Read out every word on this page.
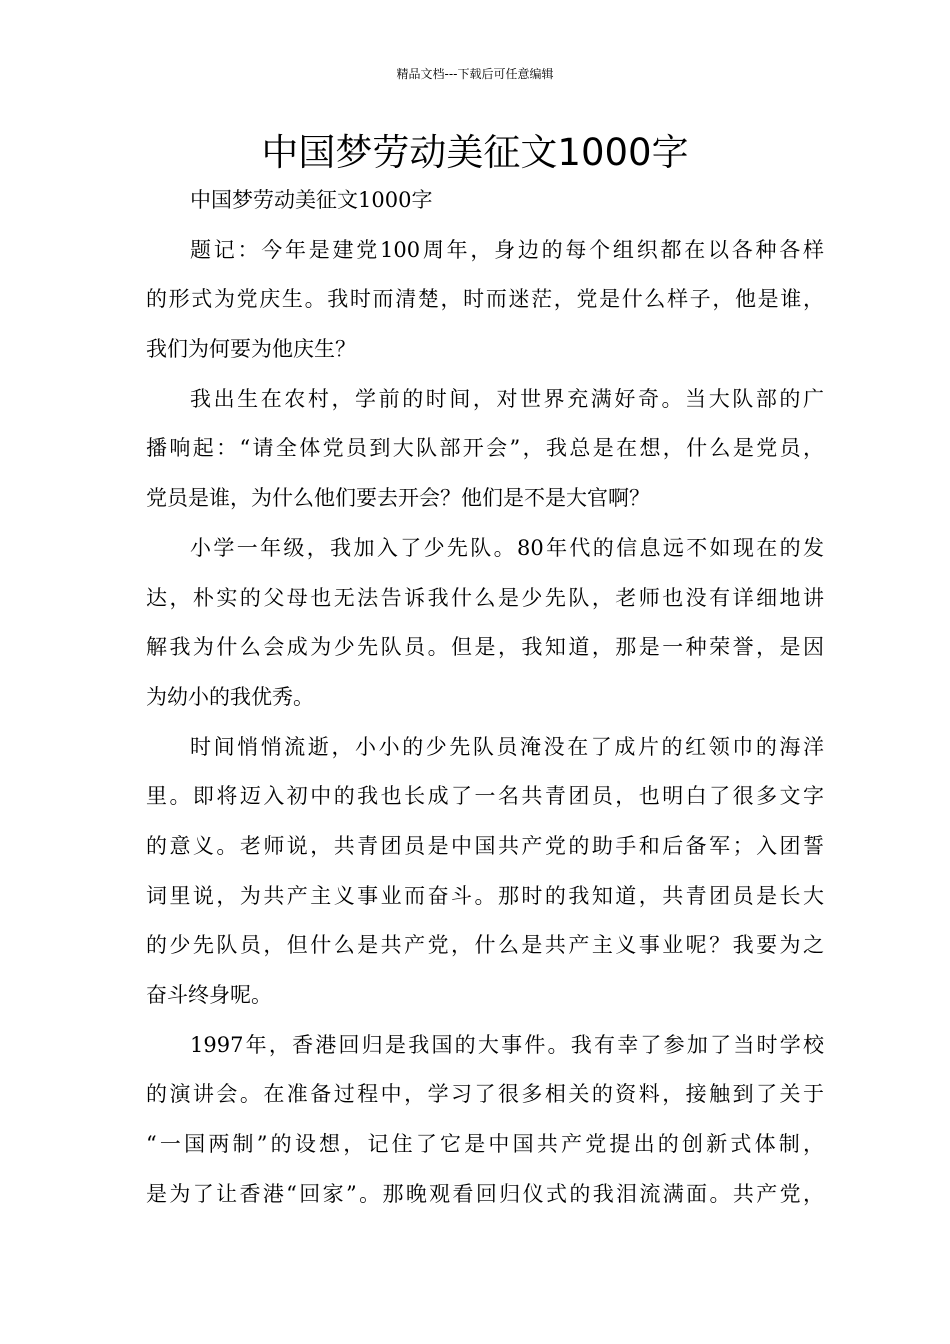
精品文档---下载后可任意编辑
中国梦劳动美征文1000字
中国梦劳动美征文1000字
题记：今年是建党100周年，身边的每个组织都在以各种各样
的形式为党庆生。我时而清楚，时而迷茫，党是什么样子，他是谁，
我们为何要为他庆生？
我出生在农村，学前的时间，对世界充满好奇。当大队部的广
播响起：“请全体党员到大队部开会”，我总是在想，什么是党员，
党员是谁，为什么他们要去开会？他们是不是大官啊？
小学一年级，我加入了少先队。80年代的信息远不如现在的发
达，朴实的父母也无法告诉我什么是少先队，老师也没有详细地讲
解我为什么会成为少先队员。但是，我知道，那是一种荣誉，是因
为幼小的我优秀。
时间悄悄流逝，小小的少先队员淹没在了成片的红领巾的海洋
里。即将迈入初中的我也长成了一名共青团员，也明白了很多文字
的意义。老师说，共青团员是中国共产党的助手和后备军；入团誓
词里说，为共产主义事业而奋斗。那时的我知道，共青团员是长大
的少先队员，但什么是共产党，什么是共产主义事业呢？我要为之
奋斗终身呢。
1997年，香港回归是我国的大事件。我有幸了参加了当时学校
的演讲会。在准备过程中，学习了很多相关的资料，接触到了关于
“一国两制”的设想，记住了它是中国共产党提出的创新式体制，
是为了让香港“回家”。那晚观看回归仪式的我泪流满面。共产党，
